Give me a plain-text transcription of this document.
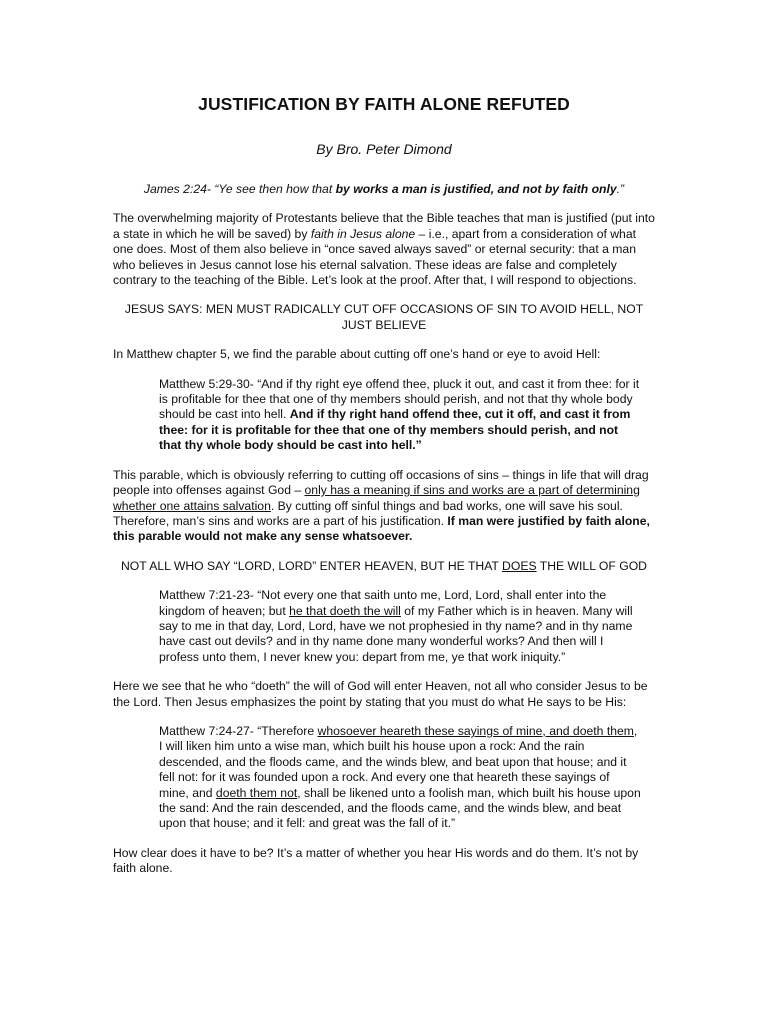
JUSTIFICATION BY FAITH ALONE REFUTED

By Bro. Peter Dimond

James 2:24- “Ye see then how that by works a man is justified, and not by faith only.”

The overwhelming majority of Protestants believe that the Bible teaches that man is justified (put into a state in which he will be saved) by faith in Jesus alone – i.e., apart from a consideration of what one does. Most of them also believe in “once saved always saved” or eternal security: that a man who believes in Jesus cannot lose his eternal salvation. These ideas are false and completely contrary to the teaching of the Bible. Let’s look at the proof. After that, I will respond to objections.

JESUS SAYS: MEN MUST RADICALLY CUT OFF OCCASIONS OF SIN TO AVOID HELL, NOT JUST BELIEVE

In Matthew chapter 5, we find the parable about cutting off one’s hand or eye to avoid Hell:

Matthew 5:29-30- “And if thy right eye offend thee, pluck it out, and cast it from thee: for it is profitable for thee that one of thy members should perish, and not that thy whole body should be cast into hell. And if thy right hand offend thee, cut it off, and cast it from thee: for it is profitable for thee that one of thy members should perish, and not that thy whole body should be cast into hell.”

This parable, which is obviously referring to cutting off occasions of sins – things in life that will drag people into offenses against God – only has a meaning if sins and works are a part of determining whether one attains salvation. By cutting off sinful things and bad works, one will save his soul. Therefore, man’s sins and works are a part of his justification. If man were justified by faith alone, this parable would not make any sense whatsoever.

NOT ALL WHO SAY “LORD, LORD” ENTER HEAVEN, BUT HE THAT DOES THE WILL OF GOD

Matthew 7:21-23- “Not every one that saith unto me, Lord, Lord, shall enter into the kingdom of heaven; but he that doeth the will of my Father which is in heaven. Many will say to me in that day, Lord, Lord, have we not prophesied in thy name? and in thy name have cast out devils? and in thy name done many wonderful works? And then will I profess unto them, I never knew you: depart from me, ye that work iniquity.”

Here we see that he who “doeth” the will of God will enter Heaven, not all who consider Jesus to be the Lord. Then Jesus emphasizes the point by stating that you must do what He says to be His:

Matthew 7:24-27- “Therefore whosoever heareth these sayings of mine, and doeth them, I will liken him unto a wise man, which built his house upon a rock: And the rain descended, and the floods came, and the winds blew, and beat upon that house; and it fell not: for it was founded upon a rock. And every one that heareth these sayings of mine, and doeth them not, shall be likened unto a foolish man, which built his house upon the sand: And the rain descended, and the floods came, and the winds blew, and beat upon that house; and it fell: and great was the fall of it.”

How clear does it have to be? It’s a matter of whether you hear His words and do them. It’s not by faith alone.
